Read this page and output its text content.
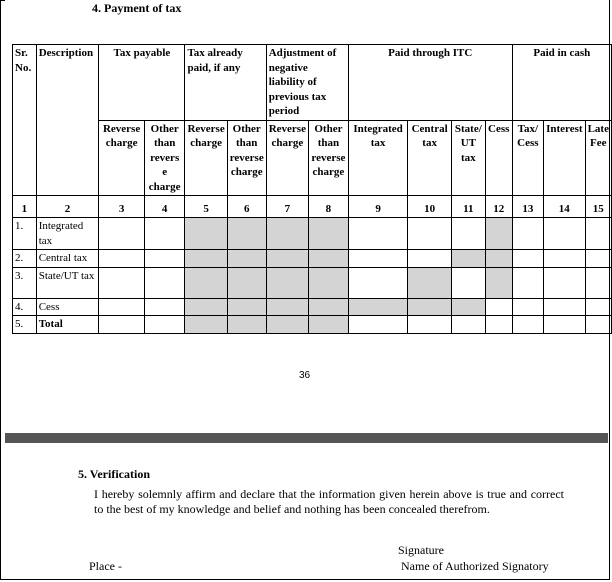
4. Payment of tax
Sr. No.	Description	Tax payable		Tax already paid, if any		Adjustment of negative liability of previous tax period		Paid through ITC				Paid in cash		
		Reverse charge	Other than revers e charge	Reverse charge	Other than reverse charge	Reverse charge	Other than reverse charge	Integrated tax	Central tax	State/ UT tax	Cess	Tax/ Cess	Interest	Late Fee
1	2	3	4	5	6	7	8	9	10	11	12	13	14	15
1.	Integrated tax													
2.	Central tax													
3.	State/UT tax													
4.	Cess													
5.	Total													
36
5. Verification
I hereby solemnly affirm and declare that the information given herein above is true and correct to the best of my knowledge and belief and nothing has been concealed therefrom.
Signature
Name of Authorized Signatory
Place -
